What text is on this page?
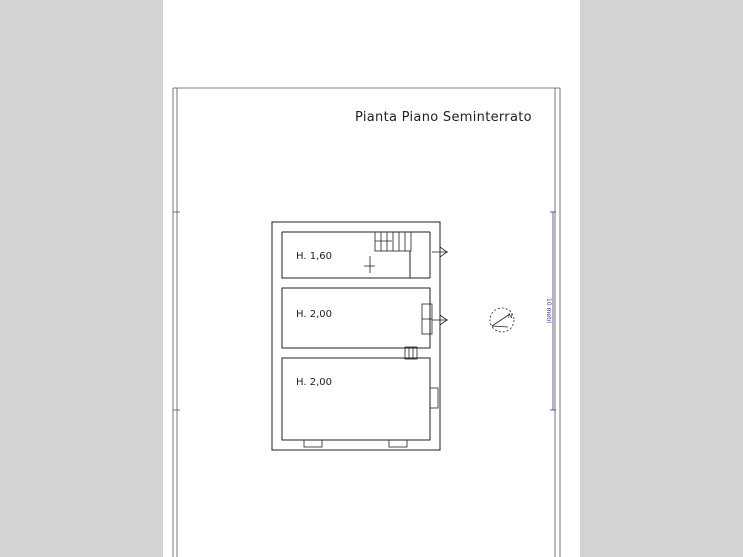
Pianta Piano Seminterrato
H. 1,60
H. 2,00
H. 2,00
10 metri
N
